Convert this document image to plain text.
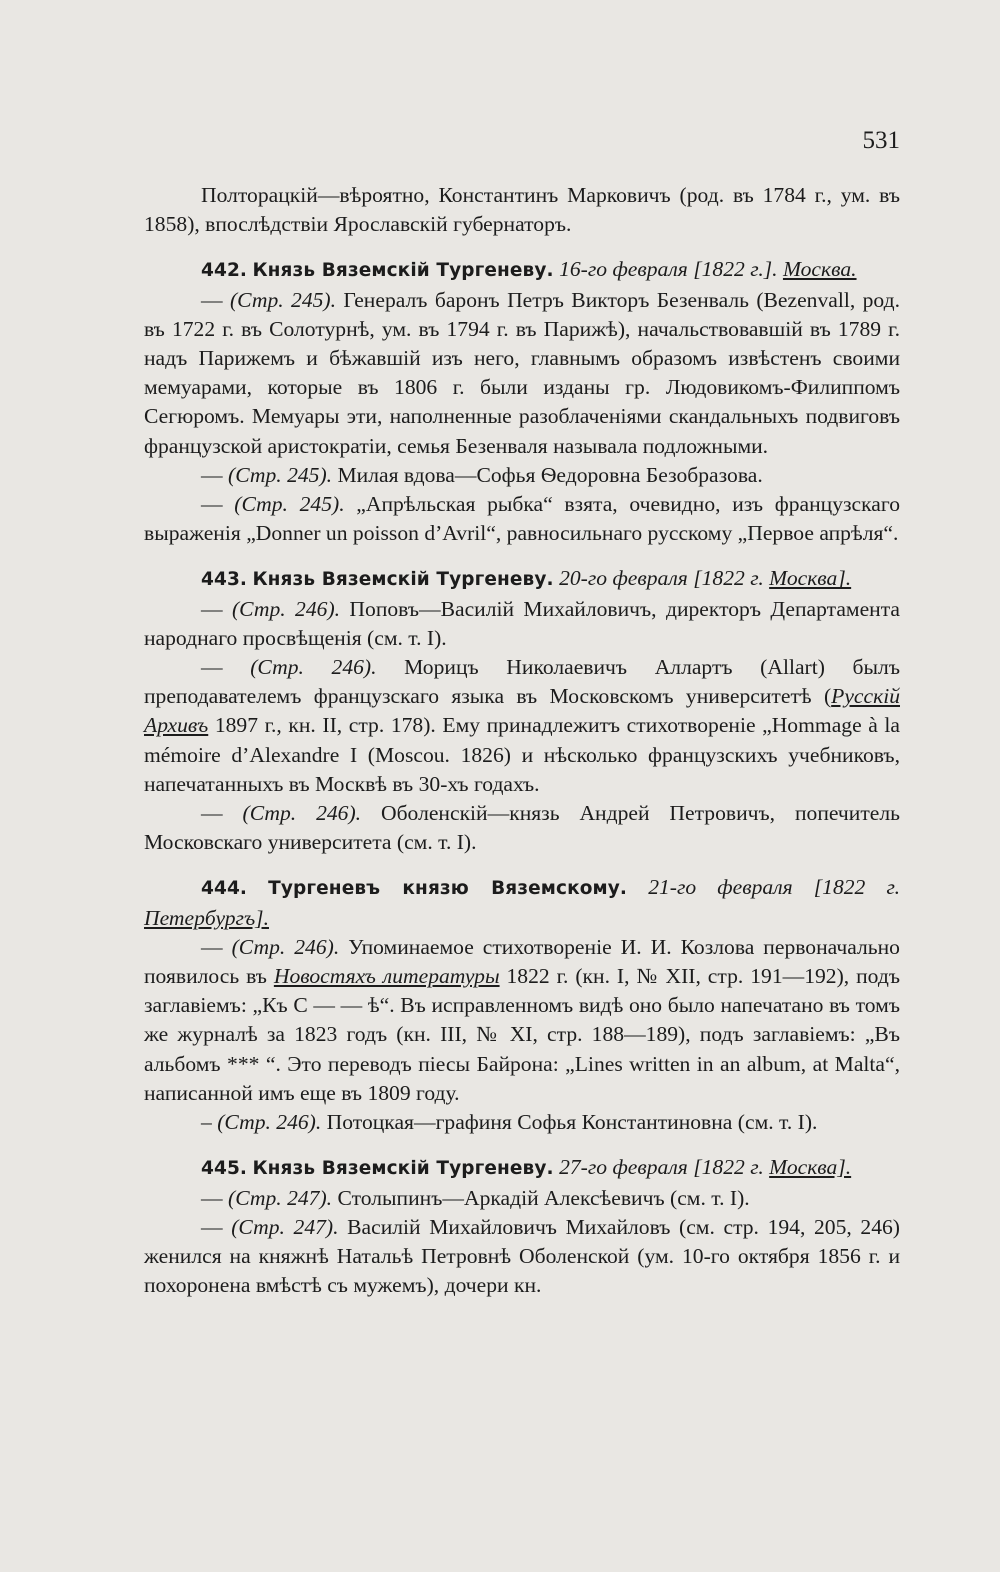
531

Полторацкій—вѣроятно, Константинъ Марковичъ (род. въ 1784 г., ум. въ 1858), впослѣдствіи Ярославскій губернаторъ.

442. Князь Вяземскій Тургеневу. 16-го февраля [1822 г.]. Москва.

— (Стр. 245). Генералъ баронъ Петръ Викторъ Безенваль (Bezenvall, род. въ 1722 г. въ Солотурнѣ, ум. въ 1794 г. въ Парижѣ), начальствовавшій въ 1789 г. надъ Парижемъ и бѣжавшій изъ него, главнымъ образомъ извѣстенъ своими мемуарами, которые въ 1806 г. были изданы гр. Людовикомъ-Филиппомъ Сегюромъ. Мемуары эти, наполненные разоблаченіями скандальныхъ подвиговъ французской аристократіи, семья Безенваля называла подложными.

— (Стр. 245). Милая вдова—Софья Ѳедоровна Безобразова.

— (Стр. 245). „Апрѣльская рыбка“ взята, очевидно, изъ французскаго выраженія „Donner un poisson d’Avril“, равносильнаго русскому „Первое апрѣля“.

443. Князь Вяземскій Тургеневу. 20-го февраля [1822 г. Москва].

— (Стр. 246). Поповъ—Василій Михайловичъ, директоръ Департамента народнаго просвѣщенія (см. т. I).

— (Стр. 246). Морицъ Николаевичъ Аллартъ (Allart) былъ преподавателемъ французскаго языка въ Московскомъ университетѣ (Русскій Архивъ 1897 г., кн. II, стр. 178). Ему принадлежитъ стихотвореніе „Hommage à la mémoire d’Alexandre I (Moscou. 1826) и нѣсколько французскихъ учебниковъ, напечатанныхъ въ Москвѣ въ 30-хъ годахъ.

— (Стр. 246). Оболенскій—князь Андрей Петровичъ, попечитель Московскаго университета (см. т. I).

444. Тургеневъ князю Вяземскому. 21-го февраля [1822 г. Петербургъ].

— (Стр. 246). Упоминаемое стихотвореніе И. И. Козлова первоначально появилось въ Новостяхъ литературы 1822 г. (кн. I, № XII, стр. 191—192), подъ заглавіемъ: „Къ С — — ѣ“. Въ исправленномъ видѣ оно было напечатано въ томъ же журналѣ за 1823 годъ (кн. III, № XI, стр. 188—189), подъ заглавіемъ: „Въ альбомъ *** “. Это переводъ піесы Байрона: „Lines written in an album, at Malta“, написанной имъ еще въ 1809 году.

– (Стр. 246). Потоцкая—графиня Софья Константиновна (см. т. I).

445. Князь Вяземскій Тургеневу. 27-го февраля [1822 г. Москва].

— (Стр. 247). Столыпинъ—Аркадій Алексѣевичъ (см. т. I).

— (Стр. 247). Василій Михайловичъ Михайловъ (см. стр. 194, 205, 246) женился на княжнѣ Натальѣ Петровнѣ Оболенской (ум. 10-го октября 1856 г. и похоронена вмѣстѣ съ мужемъ), дочери кн.
